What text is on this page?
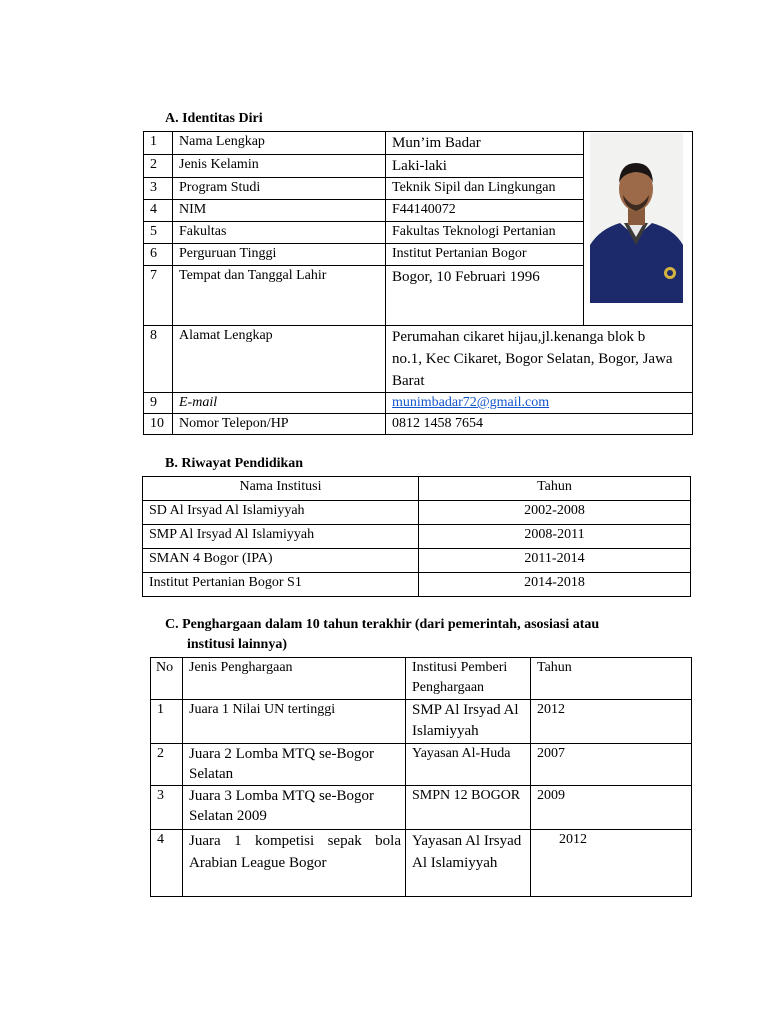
A. Identitas Diri
1	Nama Lengkap	Mun’im Badar	
2	Jenis Kelamin	Laki-laki	
3	Program Studi	Teknik Sipil dan Lingkungan	
4	NIM	F44140072	
5	Fakultas	Fakultas Teknologi Pertanian	
6	Perguruan Tinggi	Institut Pertanian Bogor	
7	Tempat dan Tanggal Lahir	Bogor, 10 Februari 1996	
8	Alamat Lengkap	Perumahan cikaret hijau,jl.kenanga blok b no.1, Kec Cikaret, Bogor Selatan, Bogor, Jawa Barat	
9	E-mail	munimbadar72@gmail.com	
10	Nomor Telepon/HP	0812 1458 7654	
B. Riwayat Pendidikan
Nama Institusi	Tahun
SD Al Irsyad Al Islamiyyah	2002-2008
SMP Al Irsyad Al Islamiyyah	2008-2011
SMAN 4 Bogor (IPA)	2011-2014
Institut Pertanian Bogor S1	2014-2018
C. Penghargaan dalam 10 tahun terakhir (dari pemerintah, asosiasi atau
institusi lainnya)
No	Jenis Penghargaan	Institusi Pemberi Penghargaan	Tahun
1	Juara 1 Nilai UN tertinggi	SMP Al Irsyad Al Islamiyyah	2012
2	Juara 2 Lomba MTQ se-Bogor Selatan	Yayasan Al-Huda	2007
3	Juara 3 Lomba MTQ se-Bogor Selatan 2009	SMPN 12 BOGOR	2009
4	Juara 1 kompetisi sepak bola Arabian League Bogor	Yayasan Al Irsyad Al Islamiyyah	2012
